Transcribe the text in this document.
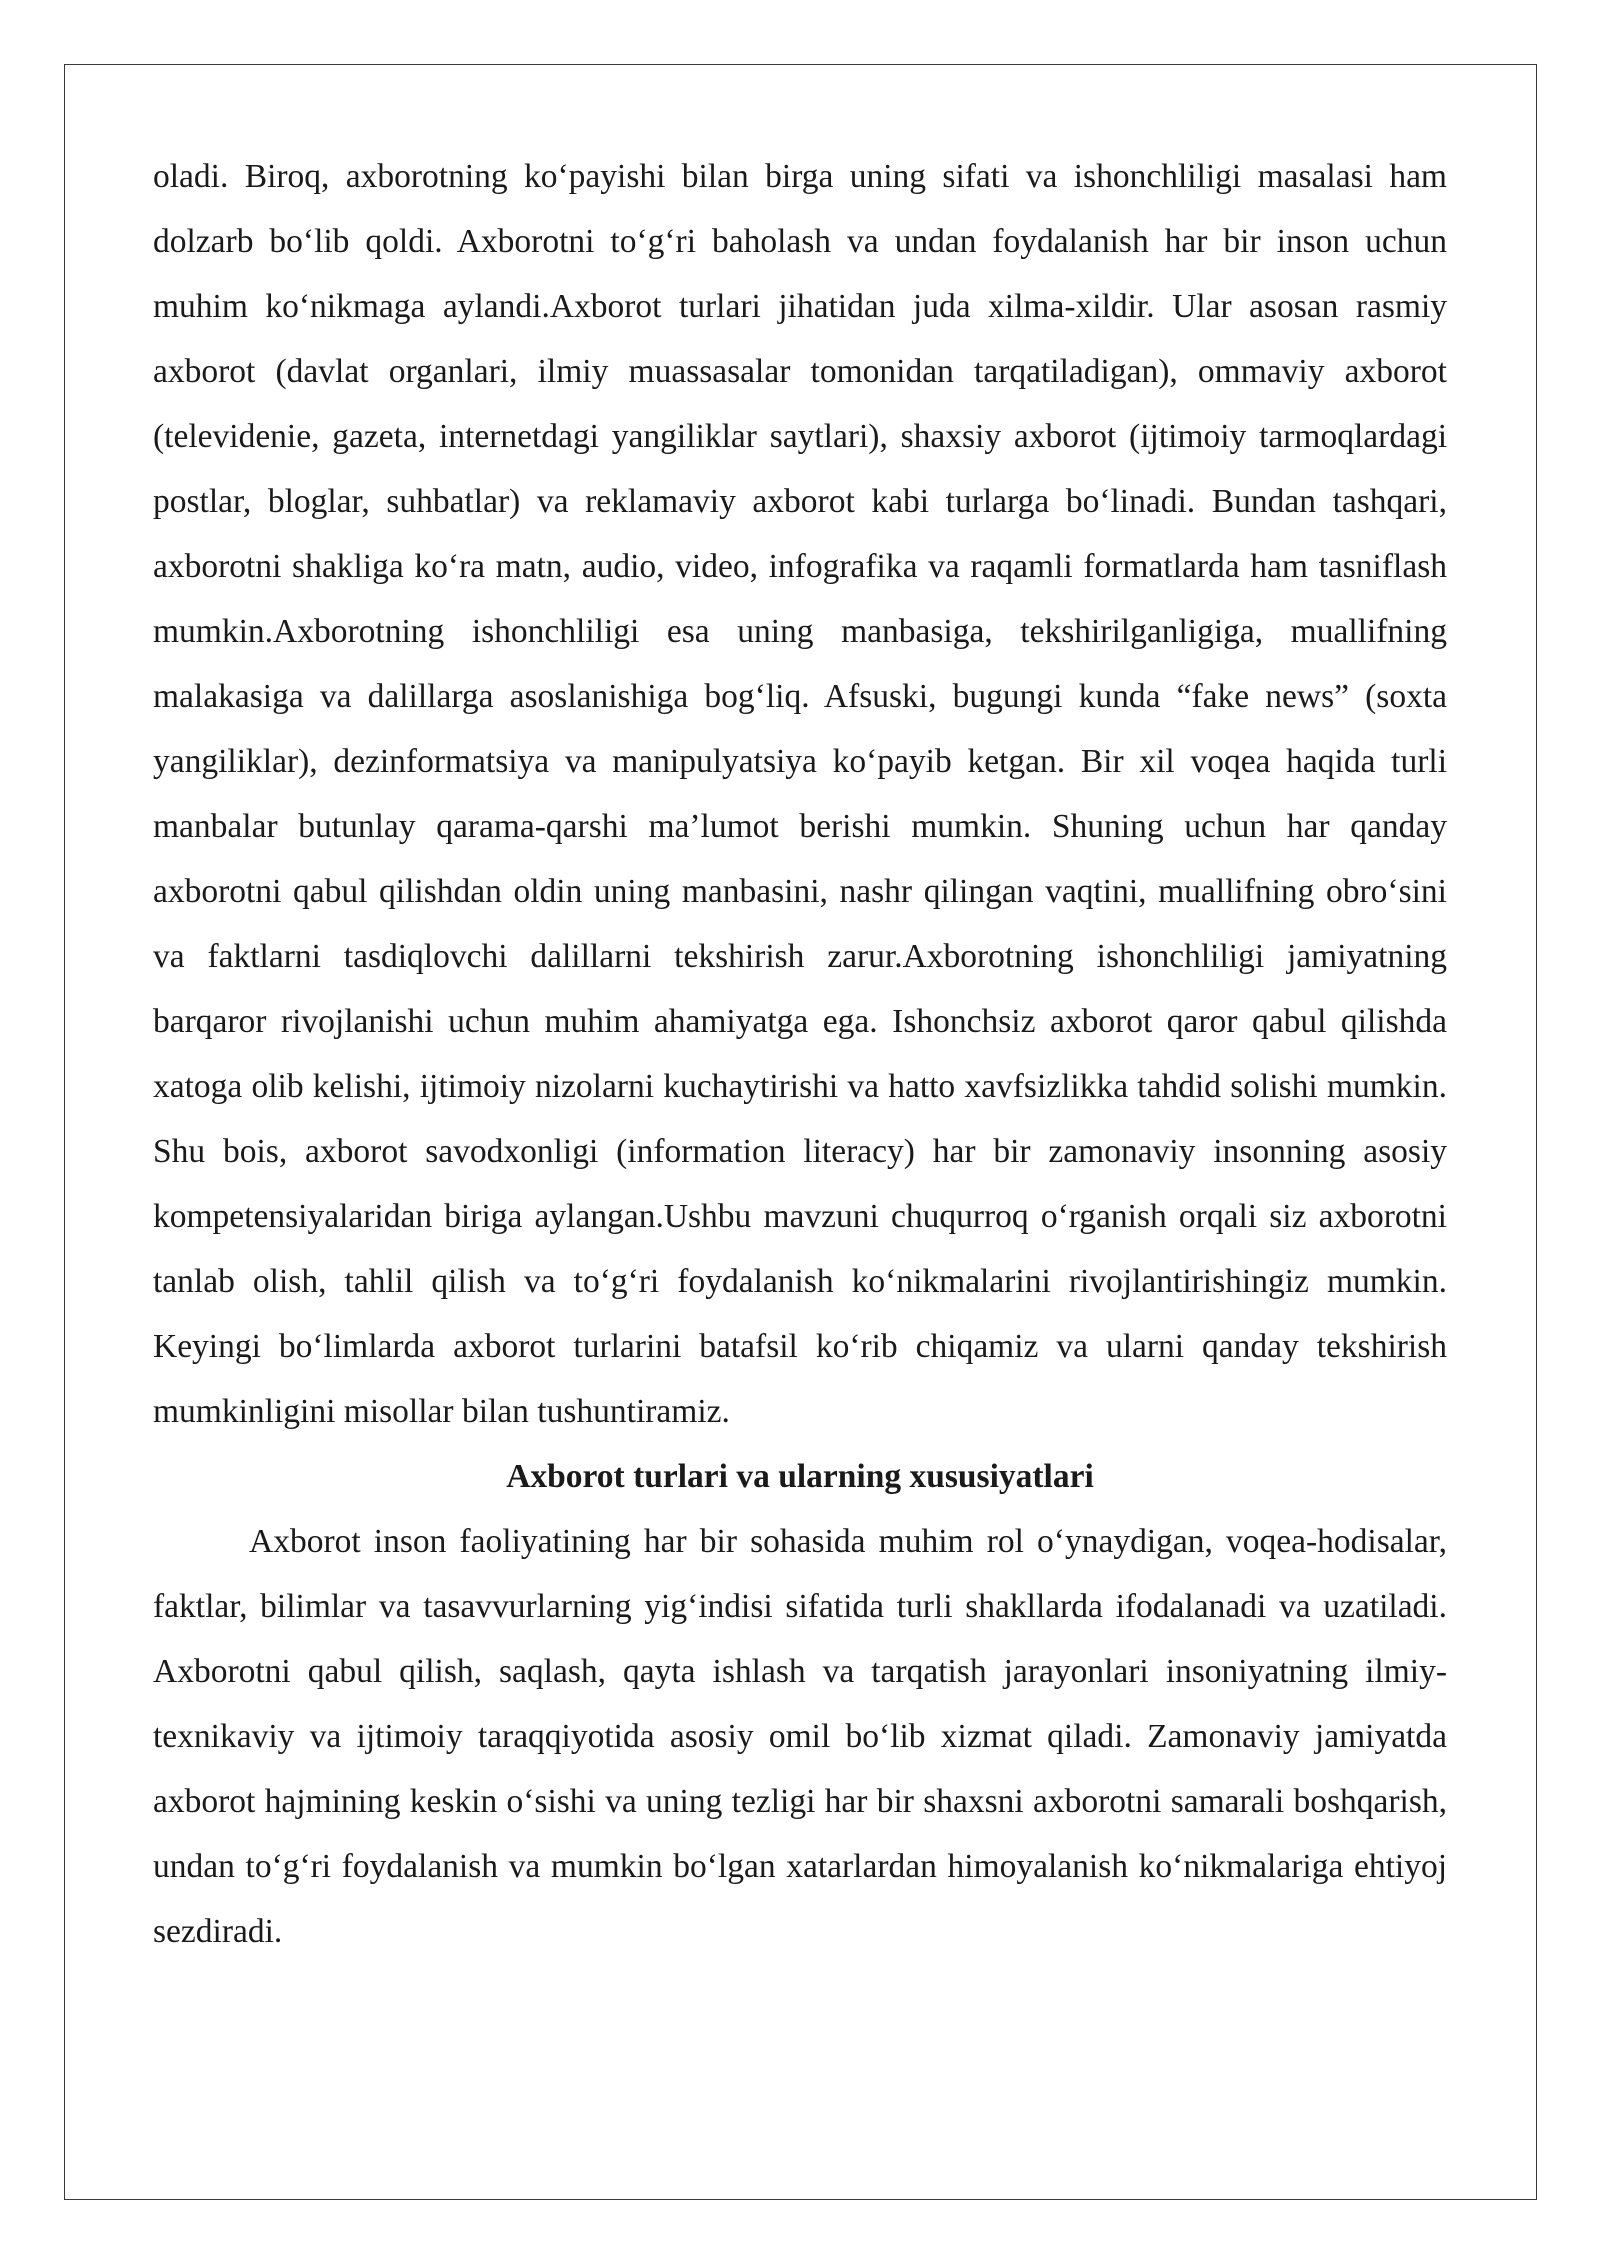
oladi. Biroq, axborotning ko‘payishi bilan birga uning sifati va ishonchliligi masalasi ham dolzarb bo‘lib qoldi. Axborotni to‘g‘ri baholash va undan foydalanish har bir inson uchun muhim ko‘nikmaga aylandi.Axborot turlari jihatidan juda xilma-xildir. Ular asosan rasmiy axborot (davlat organlari, ilmiy muassasalar tomonidan tarqatiladigan), ommaviy axborot (televidenie, gazeta, internetdagi yangiliklar saytlari), shaxsiy axborot (ijtimoiy tarmoqlardagi postlar, bloglar, suhbatlar) va reklamaviy axborot kabi turlarga bo‘linadi. Bundan tashqari, axborotni shakliga ko‘ra matn, audio, video, infografika va raqamli formatlarda ham tasniflash mumkin.Axborotning ishonchliligi esa uning manbasiga, tekshirilganligiga, muallifning malakasiga va dalillarga asoslanishiga bog‘liq. Afsuski, bugungi kunda “fake news” (soxta yangiliklar), dezinformatsiya va manipulyatsiya ko‘payib ketgan. Bir xil voqea haqida turli manbalar butunlay qarama-qarshi ma’lumot berishi mumkin. Shuning uchun har qanday axborotni qabul qilishdan oldin uning manbasini, nashr qilingan vaqtini, muallifning obro‘sini va faktlarni tasdiqlovchi dalillarni tekshirish zarur.Axborotning ishonchliligi jamiyatning barqaror rivojlanishi uchun muhim ahamiyatga ega. Ishonchsiz axborot qaror qabul qilishda xatoga olib kelishi, ijtimoiy nizolarni kuchaytirishi va hatto xavfsizlikka tahdid solishi mumkin. Shu bois, axborot savodxonligi (information literacy) har bir zamonaviy insonning asosiy kompetensiyalaridan biriga aylangan.Ushbu mavzuni chuqurroq o‘rganish orqali siz axborotni tanlab olish, tahlil qilish va to‘g‘ri foydalanish ko‘nikmalarini rivojlantirishingiz mumkin. Keyingi bo‘limlarda axborot turlarini batafsil ko‘rib chiqamiz va ularni qanday tekshirish mumkinligini misollar bilan tushuntiramiz.

Axborot turlari va ularning xususiyatlari

Axborot inson faoliyatining har bir sohasida muhim rol o‘ynaydigan, voqea-hodisalar, faktlar, bilimlar va tasavvurlarning yig‘indisi sifatida turli shakllarda ifodalanadi va uzatiladi. Axborotni qabul qilish, saqlash, qayta ishlash va tarqatish jarayonlari insoniyatning ilmiy-texnikaviy va ijtimoiy taraqqiyotida asosiy omil bo‘lib xizmat qiladi. Zamonaviy jamiyatda axborot hajmining keskin o‘sishi va uning tezligi har bir shaxsni axborotni samarali boshqarish, undan to‘g‘ri foydalanish va mumkin bo‘lgan xatarlardan himoyalanish ko‘nikmalariga ehtiyoj sezdiradi.
